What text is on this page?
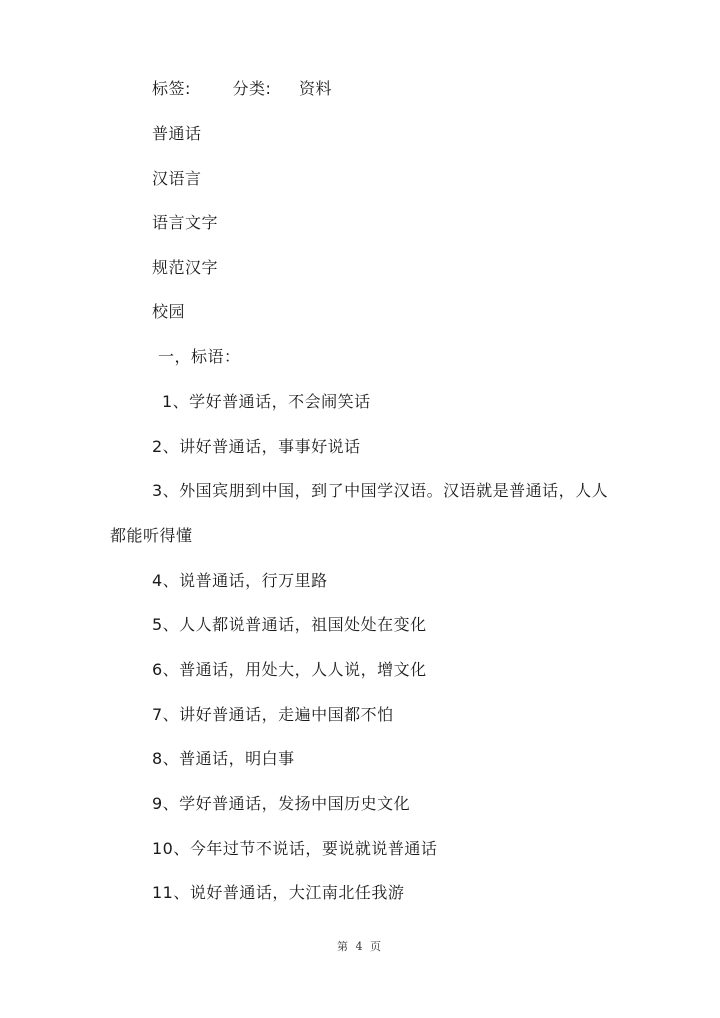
标签:	分类: 资料
普通话
汉语言
语言文字
规范汉字
校园
一，标语：
1、学好普通话，不会闹笑话
2、讲好普通话，事事好说话
3、外国宾朋到中国，到了中国学汉语。汉语就是普通话，人人
都能听得懂
4、说普通话，行万里路
5、人人都说普通话，祖国处处在变化
6、普通话，用处大，人人说，增文化
7、讲好普通话，走遍中国都不怕
8、普通话，明白事
9、学好普通话，发扬中国历史文化
10、今年过节不说话，要说就说普通话
11、说好普通话，大江南北任我游
第 4 页
